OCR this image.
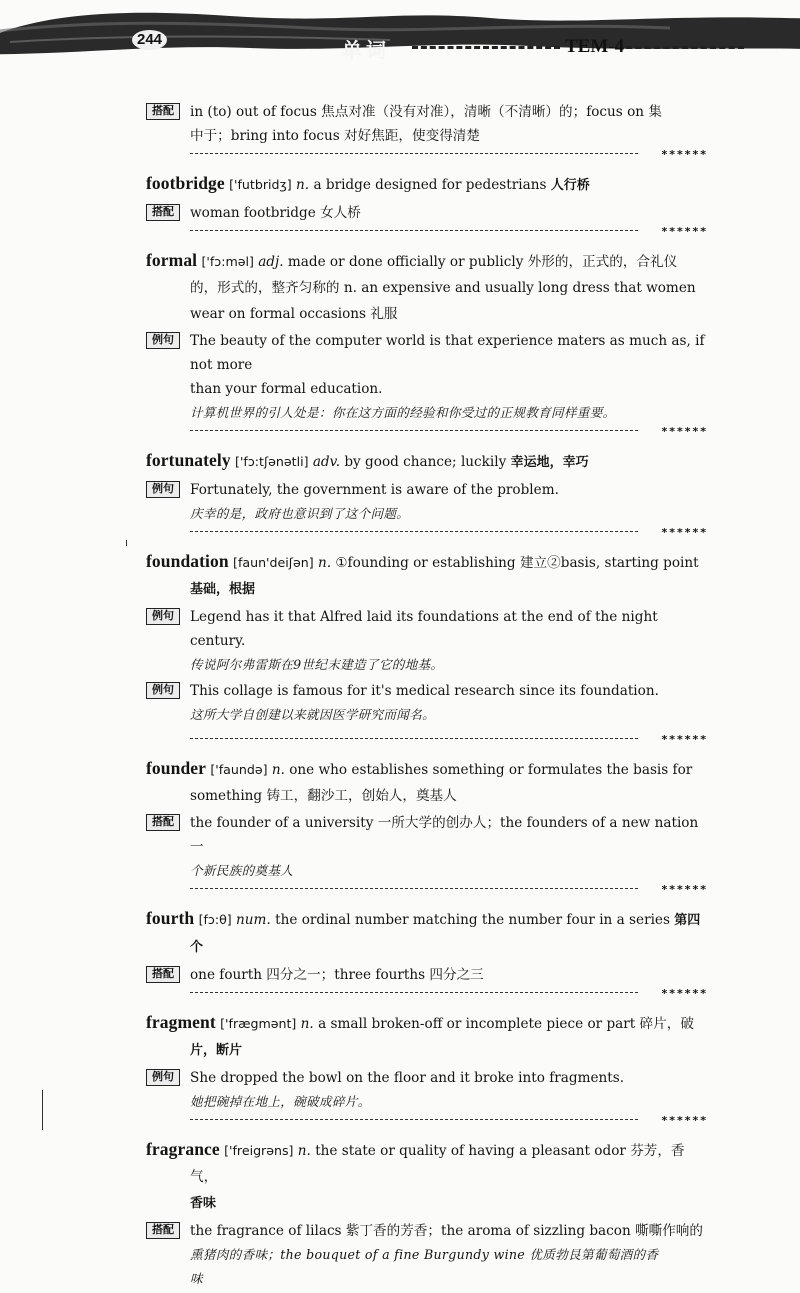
244	单词	TEM-4
搭配	in (to) out of focus 焦点对准（没有对准），清晰（不清晰）的；focus on 集
中于；bring into focus 对好焦距，使变得清楚
******
footbridge ['futbridʒ] n. a bridge designed for pedestrians 人行桥
搭配	woman footbridge 女人桥
******
formal ['fɔ:məl] adj. made or done officially or publicly 外形的，正式的，合礼仪
的，形式的，整齐匀称的 n. an expensive and usually long dress that women
wear on formal occasions 礼服
例句	The beauty of the computer world is that experience maters as much as, if not more
than your formal education.
计算机世界的引人处是：你在这方面的经验和你受过的正规教育同样重要。
******
fortunately ['fɔ:tʃənətli] adv. by good chance; luckily 幸运地，幸巧
例句	Fortunately, the government is aware of the problem.
庆幸的是，政府也意识到了这个问题。
******
foundation [faun'deiʃən] n. ①founding or establishing 建立②basis, starting point
基础，根据
例句	Legend has it that Alfred laid its foundations at the end of the night century.
传说阿尔弗雷斯在9世纪末建造了它的地基。
例句	This collage is famous for it's medical research since its foundation.
这所大学自创建以来就因医学研究而闻名。
******
founder ['faundə] n. one who establishes something or formulates the basis for
something 铸工，翻沙工，创始人，奠基人
搭配	the founder of a university 一所大学的创办人；the founders of a new nation 一
个新民族的奠基人
******
fourth [fɔ:θ] num. the ordinal number matching the number four in a series 第四个
搭配	one fourth 四分之一；three fourths 四分之三
******
fragment ['frægmənt] n. a small broken-off or incomplete piece or part 碎片，破
片，断片
例句	She dropped the bowl on the floor and it broke into fragments.
她把碗掉在地上，碗破成碎片。
******
fragrance ['freigrəns] n. the state or quality of having a pleasant odor 芬芳，香气，
香味
搭配	the fragrance of lilacs 紫丁香的芳香；the aroma of sizzling bacon 嘶嘶作响的
熏猪肉的香味；the bouquet of a fine Burgundy wine 优质勃艮第葡萄酒的香
味
